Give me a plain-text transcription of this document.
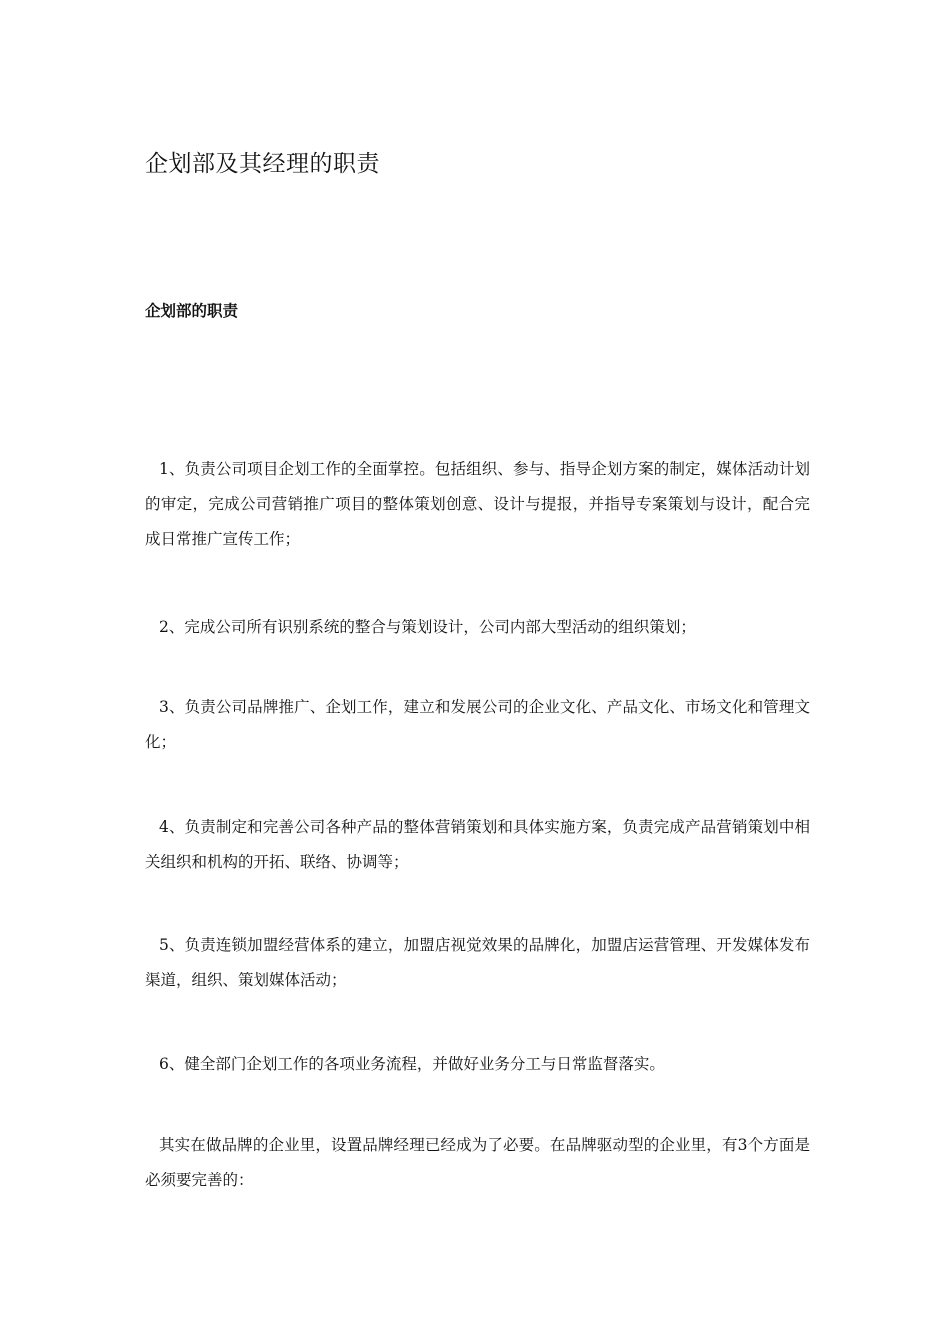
企划部及其经理的职责
企划部的职责

1、负责公司项目企划工作的全面掌控。包括组织、参与、指导企划方案的制定，媒体活动计划的审定，完成公司营销推广项目的整体策划创意、设计与提报，并指导专案策划与设计，配合完成日常推广宣传工作；

2、完成公司所有识别系统的整合与策划设计，公司内部大型活动的组织策划；

3、负责公司品牌推广、企划工作，建立和发展公司的企业文化、产品文化、市场文化和管理文化；

4、负责制定和完善公司各种产品的整体营销策划和具体实施方案，负责完成产品营销策划中相关组织和机构的开拓、联络、协调等；

5、负责连锁加盟经营体系的建立，加盟店视觉效果的品牌化，加盟店运营管理、开发媒体发布渠道，组织、策划媒体活动；

6、健全部门企划工作的各项业务流程，并做好业务分工与日常监督落实。

其实在做品牌的企业里，设置品牌经理已经成为了必要。在品牌驱动型的企业里，有3个方面是必须要完善的：
